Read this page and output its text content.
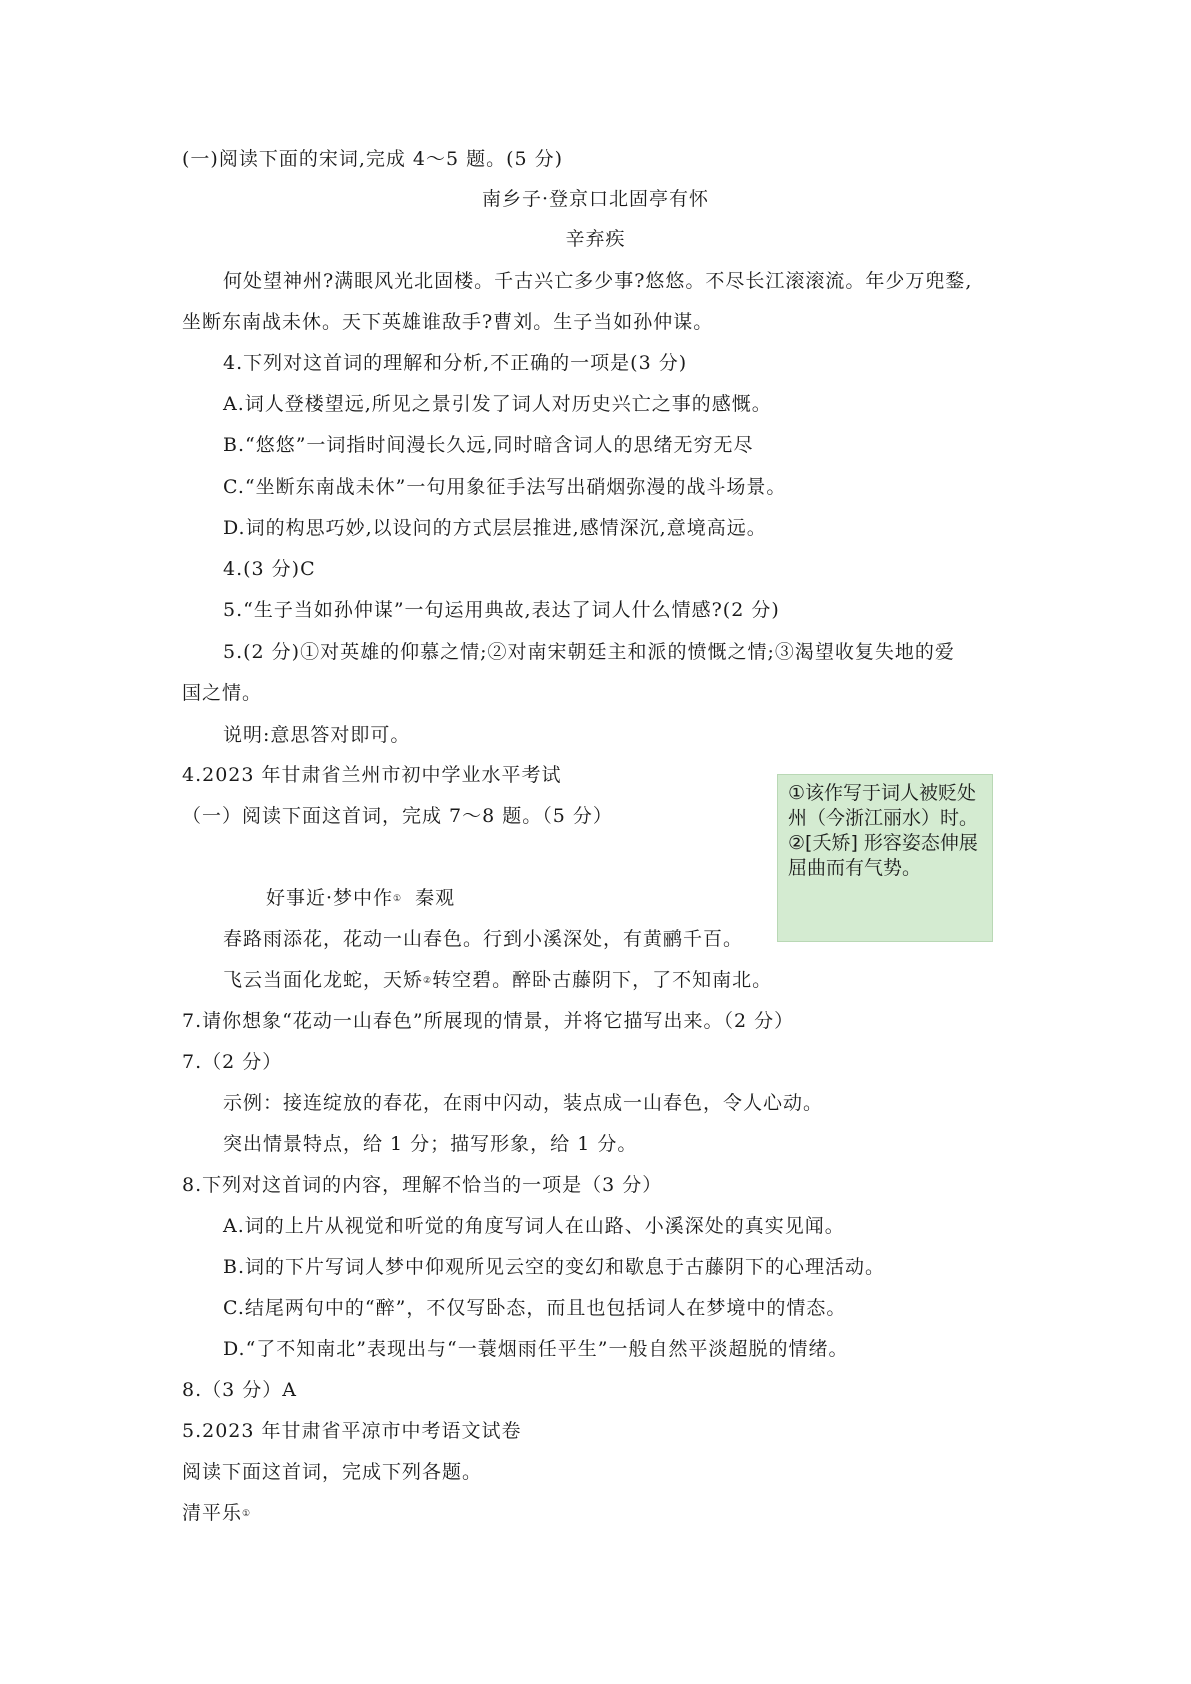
(一)阅读下面的宋词,完成 4～5 题。(5 分)
南乡子·登京口北固亭有怀
辛弃疾
何处望神州?满眼风光北固楼。千古兴亡多少事?悠悠。不尽长江滚滚流。年少万兜鍪,
坐断东南战未休。天下英雄谁敌手?曹刘。生子当如孙仲谋。
4.下列对这首词的理解和分析,不正确的一项是(3 分)
A.词人登楼望远,所见之景引发了词人对历史兴亡之事的感慨。
B.“悠悠”一词指时间漫长久远,同时暗含词人的思绪无穷无尽
C.“坐断东南战未休”一句用象征手法写出硝烟弥漫的战斗场景。
D.词的构思巧妙,以设问的方式层层推进,感情深沉,意境高远。
4.(3 分)C
5.“生子当如孙仲谋”一句运用典故,表达了词人什么情感?(2 分)
5.(2 分)①对英雄的仰慕之情;②对南宋朝廷主和派的愤慨之情;③渴望收复失地的爱
国之情。
说明:意思答对即可。
4.2023 年甘肃省兰州市初中学业水平考试
（一）阅读下面这首词，完成 7～8 题。（5 分）
①该作写于词人被贬处州（今浙江丽水）时。②[夭矫] 形容姿态伸展屈曲而有气势。
好事近·梦中作① 秦观
春路雨添花，花动一山春色。行到小溪深处，有黄鹂千百。
飞云当面化龙蛇，天矫②转空碧。醉卧古藤阴下，了不知南北。
7.请你想象“花动一山春色”所展现的情景，并将它描写出来。（2 分）
7.（2 分）
示例：接连绽放的春花，在雨中闪动，装点成一山春色，令人心动。
突出情景特点，给 1 分；描写形象，给 1 分。
8.下列对这首词的内容，理解不恰当的一项是（3 分）
A.词的上片从视觉和听觉的角度写词人在山路、小溪深处的真实见闻。
B.词的下片写词人梦中仰观所见云空的变幻和歇息于古藤阴下的心理活动。
C.结尾两句中的“醉”，不仅写卧态，而且也包括词人在梦境中的情态。
D.“了不知南北”表现出与“一蓑烟雨任平生”一般自然平淡超脱的情绪。
8.（3 分）A
5.2023 年甘肃省平凉市中考语文试卷
阅读下面这首词，完成下列各题。
清平乐①
